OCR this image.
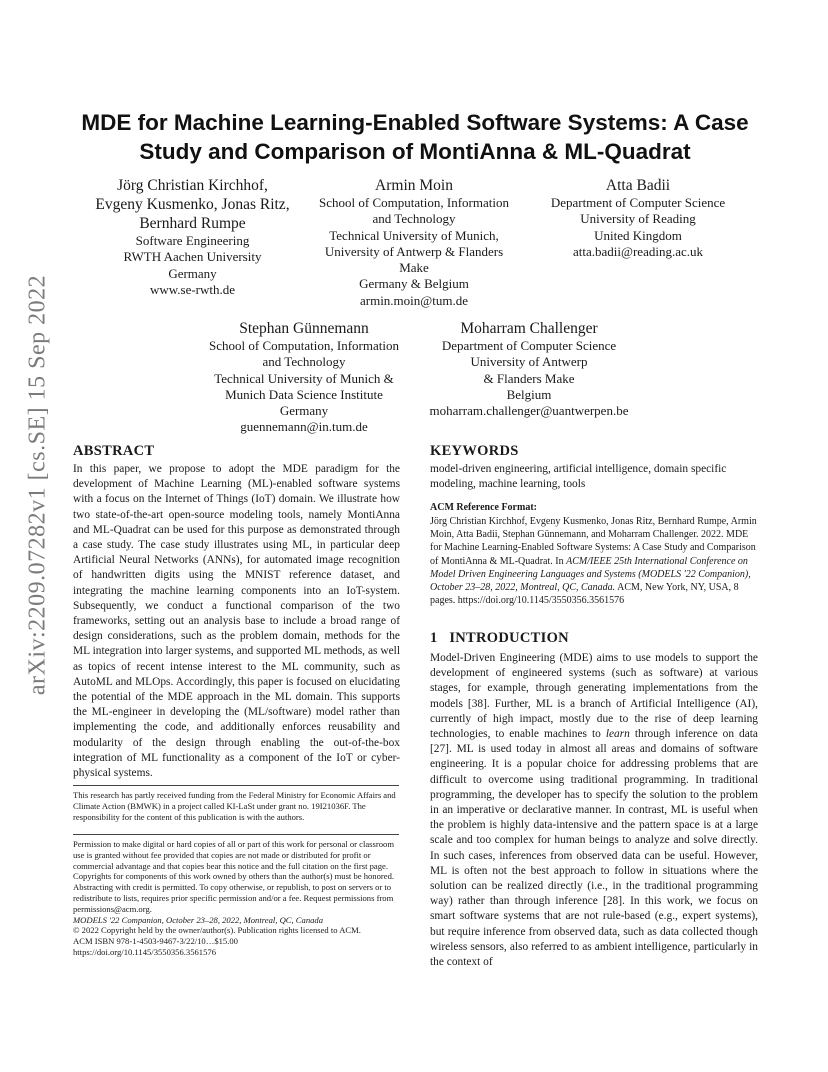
arXiv:2209.07282v1 [cs.SE] 15 Sep 2022
MDE for Machine Learning-Enabled Software Systems: A Case Study and Comparison of MontiAnna & ML-Quadrat
Jörg Christian Kirchhof,
Evgeny Kusmenko, Jonas Ritz,
Bernhard Rumpe
Software Engineering
RWTH Aachen University
Germany
www.se-rwth.de
Armin Moin
School of Computation, Information
and Technology
Technical University of Munich,
University of Antwerp & Flanders
Make
Germany & Belgium
armin.moin@tum.de
Atta Badii
Department of Computer Science
University of Reading
United Kingdom
atta.badii@reading.ac.uk
Stephan Günnemann
School of Computation, Information
and Technology
Technical University of Munich &
Munich Data Science Institute
Germany
guennemann@in.tum.de
Moharram Challenger
Department of Computer Science
University of Antwerp
& Flanders Make
Belgium
moharram.challenger@uantwerpen.be
ABSTRACT
In this paper, we propose to adopt the MDE paradigm for the development of Machine Learning (ML)-enabled software systems with a focus on the Internet of Things (IoT) domain. We illustrate how two state-of-the-art open-source modeling tools, namely MontiAnna and ML-Quadrat can be used for this purpose as demonstrated through a case study. The case study illustrates using ML, in particular deep Artificial Neural Networks (ANNs), for automated image recognition of handwritten digits using the MNIST reference dataset, and integrating the machine learning components into an IoT-system. Subsequently, we conduct a functional comparison of the two frameworks, setting out an analysis base to include a broad range of design considerations, such as the problem domain, methods for the ML integration into larger systems, and supported ML methods, as well as topics of recent intense interest to the ML community, such as AutoML and MLOps. Accordingly, this paper is focused on elucidating the potential of the MDE approach in the ML domain. This supports the ML-engineer in developing the (ML/software) model rather than implementing the code, and additionally enforces reusability and modularity of the design through enabling the out-of-the-box integration of ML functionality as a component of the IoT or cyber-physical systems.
KEYWORDS
model-driven engineering, artificial intelligence, domain specific modeling, machine learning, tools
ACM Reference Format:
Jörg Christian Kirchhof, Evgeny Kusmenko, Jonas Ritz, Bernhard Rumpe, Armin Moin, Atta Badii, Stephan Günnemann, and Moharram Challenger. 2022. MDE for Machine Learning-Enabled Software Systems: A Case Study and Comparison of MontiAnna & ML-Quadrat. In ACM/IEEE 25th International Conference on Model Driven Engineering Languages and Systems (MODELS '22 Companion), October 23–28, 2022, Montreal, QC, Canada. ACM, New York, NY, USA, 8 pages. https://doi.org/10.1145/3550356.3561576
1   INTRODUCTION
Model-Driven Engineering (MDE) aims to use models to support the development of engineered systems (such as software) at various stages, for example, through generating implementations from the models [38]. Further, ML is a branch of Artificial Intelligence (AI), currently of high impact, mostly due to the rise of deep learning technologies, to enable machines to learn through inference on data [27]. ML is used today in almost all areas and domains of software engineering. It is a popular choice for addressing problems that are difficult to overcome using traditional programming. In traditional programming, the developer has to specify the solution to the problem in an imperative or declarative manner. In contrast, ML is useful when the problem is highly data-intensive and the pattern space is at a large scale and too complex for human beings to analyze and solve directly. In such cases, inferences from observed data can be useful. However, ML is often not the best approach to follow in situations where the solution can be realized directly (i.e., in the traditional programming way) rather than through inference [28]. In this work, we focus on smart software systems that are not rule-based (e.g., expert systems), but require inference from observed data, such as data collected though wireless sensors, also referred to as ambient intelligence, particularly in the context of
This research has partly received funding from the Federal Ministry for Economic Affairs and Climate Action (BMWK) in a project called KI-LaSt under grant no. 19I21036F. The responsibility for the content of this publication is with the authors.
Permission to make digital or hard copies of all or part of this work for personal or classroom use is granted without fee provided that copies are not made or distributed for profit or commercial advantage and that copies bear this notice and the full citation on the first page. Copyrights for components of this work owned by others than the author(s) must be honored. Abstracting with credit is permitted. To copy otherwise, or republish, to post on servers or to redistribute to lists, requires prior specific permission and/or a fee. Request permissions from permissions@acm.org.
MODELS '22 Companion, October 23–28, 2022, Montreal, QC, Canada
© 2022 Copyright held by the owner/author(s). Publication rights licensed to ACM.
ACM ISBN 978-1-4503-9467-3/22/10…$15.00
https://doi.org/10.1145/3550356.3561576
